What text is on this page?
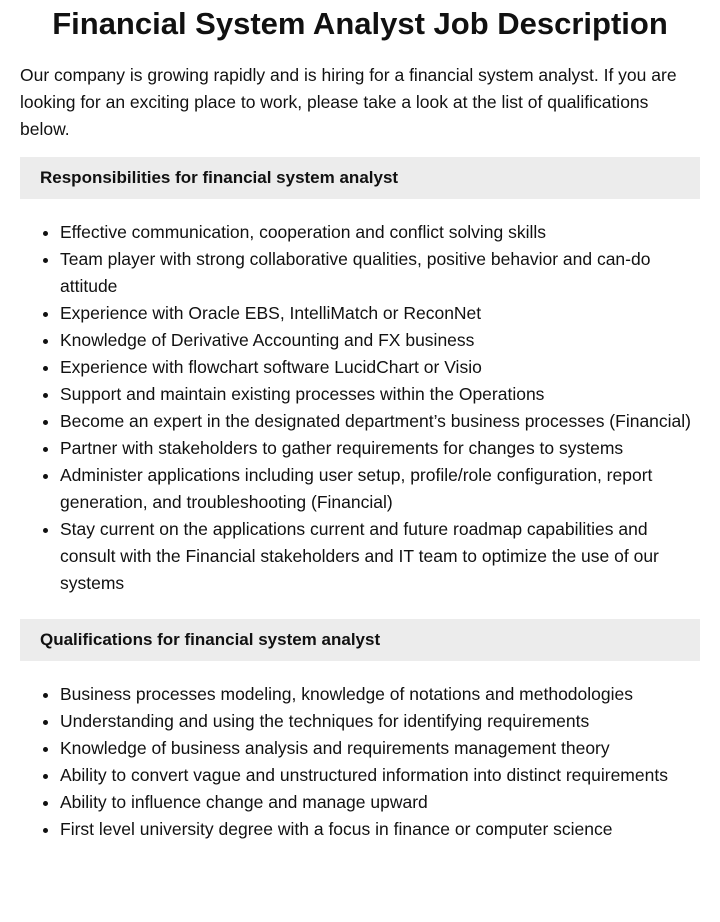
Financial System Analyst Job Description

Our company is growing rapidly and is hiring for a financial system analyst. If you are looking for an exciting place to work, please take a look at the list of qualifications below.

Responsibilities for financial system analyst
• Effective communication, cooperation and conflict solving skills
• Team player with strong collaborative qualities, positive behavior and can-do attitude
• Experience with Oracle EBS, IntelliMatch or ReconNet
• Knowledge of Derivative Accounting and FX business
• Experience with flowchart software LucidChart or Visio
• Support and maintain existing processes within the Operations
• Become an expert in the designated department’s business processes (Financial)
• Partner with stakeholders to gather requirements for changes to systems
• Administer applications including user setup, profile/role configuration, report generation, and troubleshooting (Financial)
• Stay current on the applications current and future roadmap capabilities and consult with the Financial stakeholders and IT team to optimize the use of our systems
Qualifications for financial system analyst
• Business processes modeling, knowledge of notations and methodologies
• Understanding and using the techniques for identifying requirements
• Knowledge of business analysis and requirements management theory
• Ability to convert vague and unstructured information into distinct requirements
• Ability to influence change and manage upward
• First level university degree with a focus in finance or computer science
